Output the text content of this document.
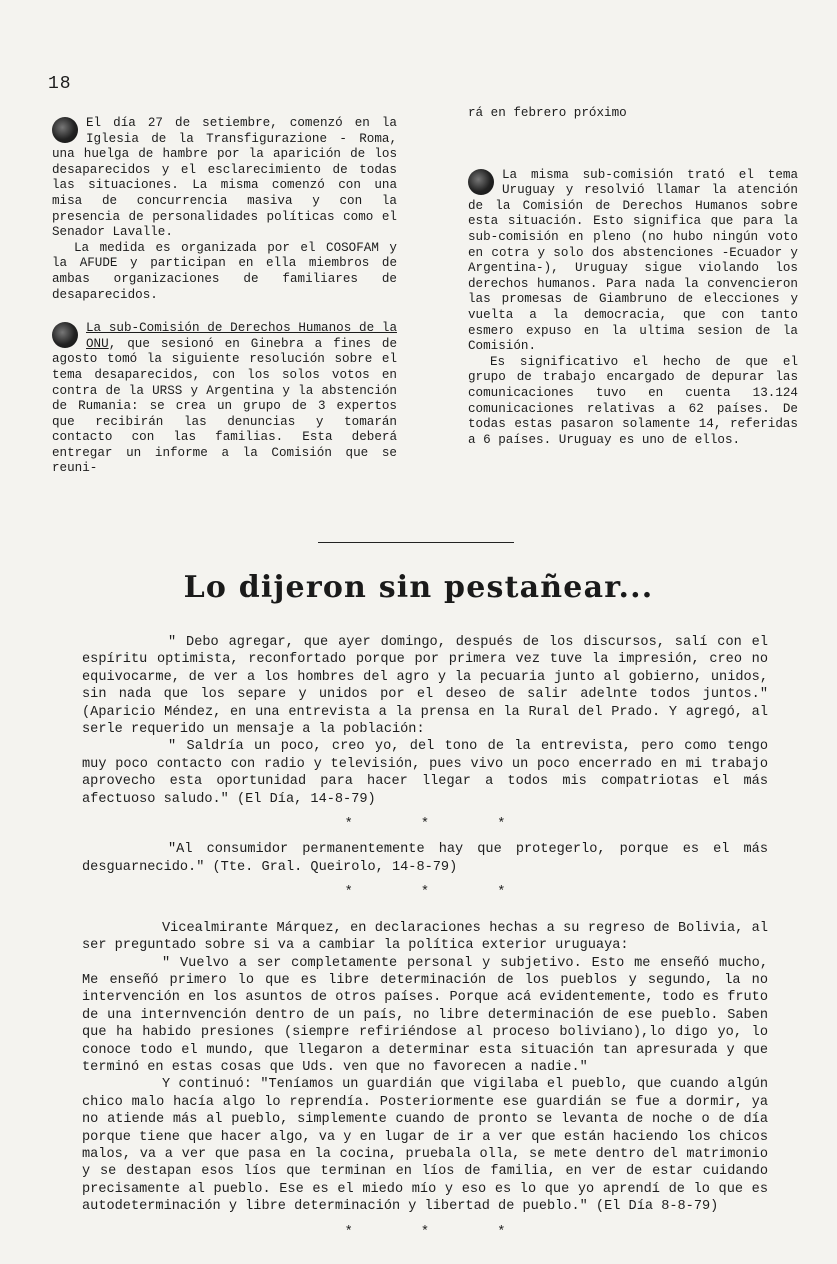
18

El día 27 de setiembre, comenzó en la Iglesia de la Transfigurazione - Roma, una huelga de hambre por la aparición de los desaparecidos y el esclarecimiento de todas las situaciones. La misma comenzó con una misa de concurrencia masiva y con la presencia de personalidades políticas como el Senador Lavalle.

La medida es organizada por el COSOFAM y la AFUDE y participan en ella miembros de ambas organizaciones de familiares de desaparecidos.

La sub-Comisión de Derechos Humanos de la ONU, que sesionó en Ginebra a fines de agosto tomó la siguiente resolución sobre el tema desaparecidos, con los solos votos en contra de la URSS y Argentina y la abstención de Rumania: se crea un grupo de 3 expertos que recibirán las denuncias y tomarán contacto con las familias. Esta deberá entregar un informe a la Comisión que se reuni-

rá en febrero próximo

La misma sub-comisión trató el tema Uruguay y resolvió llamar la atención de la Comisión de Derechos Humanos sobre esta situación. Esto significa que para la sub-comisión en pleno (no hubo ningún voto en cotra y solo dos abstenciones -Ecuador y Argentina-), Uruguay sigue violando los derechos humanos. Para nada la convencieron las promesas de Giambruno de elecciones y vuelta a la democracia, que con tanto esmero expuso en la ultima sesion de la Comisión.

Es significativo el hecho de que el grupo de trabajo encargado de depurar las comunicaciones tuvo en cuenta 13.124 comunicaciones relativas a 62 países. De todas estas pasaron solamente 14, referidas a 6 países. Uruguay es uno de ellos.

Lo dijeron sin pestañear...

" Debo agregar, que ayer domingo, después de los discursos, salí con el espíritu optimista, reconfortado porque por primera vez tuve la impresión, creo no equivocarme, de ver a los hombres del agro y la pecuaria junto al gobierno, unidos, sin nada que los separe y unidos por el deseo de salir adelnte todos juntos." (Aparicio Méndez, en una entrevista a la prensa en la Rural del Prado. Y agregó, al serle requerido un mensaje a la población:

" Saldría un poco, creo yo, del tono de la entrevista, pero como tengo muy poco contacto con radio y televisión, pues vivo un poco encerrado en mi trabajo aprovecho esta oportunidad para hacer llegar a todos mis compatriotas el más afectuoso saludo." (El Día, 14-8-79)

* * *

"Al consumidor permanentemente hay que protegerlo, porque es el más desguarnecido." (Tte. Gral. Queirolo, 14-8-79)

* * *

Vicealmirante Márquez, en declaraciones hechas a su regreso de Bolivia, al ser preguntado sobre si va a cambiar la política exterior uruguaya:

" Vuelvo a ser completamente personal y subjetivo. Esto me enseñó mucho, Me enseñó primero lo que es libre determinación de los pueblos y segundo, la no intervención en los asuntos de otros países. Porque acá evidentemente, todo es fruto de una internvención dentro de un país, no libre determinación de ese pueblo. Saben que ha habido presiones (siempre refiriéndose al proceso boliviano),lo digo yo, lo conoce todo el mundo, que llegaron a determinar esta situación tan apresurada y que terminó en estas cosas que Uds. ven que no favorecen a nadie."

Y continuó: "Teníamos un guardián que vigilaba el pueblo, que cuando algún chico malo hacía algo lo reprendía. Posteriormente ese guardián se fue a dormir, ya no atiende más al pueblo, simplemente cuando de pronto se levanta de noche o de día porque tiene que hacer algo, va y en lugar de ir a ver que están haciendo los chicos malos, va a ver que pasa en la cocina, pruebala olla, se mete dentro del matrimonio y se destapan esos líos que terminan en líos de familia, en ver de estar cuidando precisamente al pueblo. Ese es el miedo mío y eso es lo que yo aprendí de lo que es autodeterminación y libre determinación y libertad de pueblo." (El Día 8-8-79)

* * *
